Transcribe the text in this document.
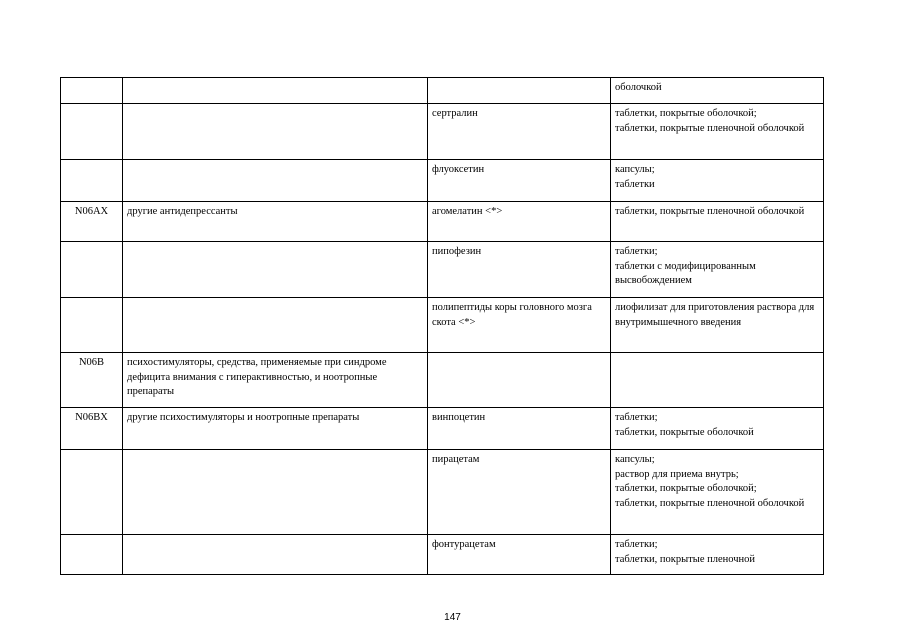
			оболочкой
		сертралин	таблетки, покрытые оболочкой;
таблетки, покрытые пленочной оболочкой
		флуоксетин	капсулы;
таблетки
N06AX	другие антидепрессанты	агомелатин <*>	таблетки, покрытые пленочной оболочкой
		пипофезин	таблетки;
таблетки с модифицированным высвобождением
		полипептиды коры головного мозга скота <*>	лиофилизат для приготовления раствора для внутримышечного введения
N06B	психостимуляторы, средства, применяемые при синдроме дефицита внимания с гиперактивностью, и ноотропные препараты		
N06BX	другие психостимуляторы и ноотропные препараты	винпоцетин	таблетки;
таблетки, покрытые оболочкой
		пирацетам	капсулы;
раствор для приема внутрь;
таблетки, покрытые оболочкой;
таблетки, покрытые пленочной оболочкой
		фонтурацетам	таблетки;
таблетки, покрытые пленочной
147
